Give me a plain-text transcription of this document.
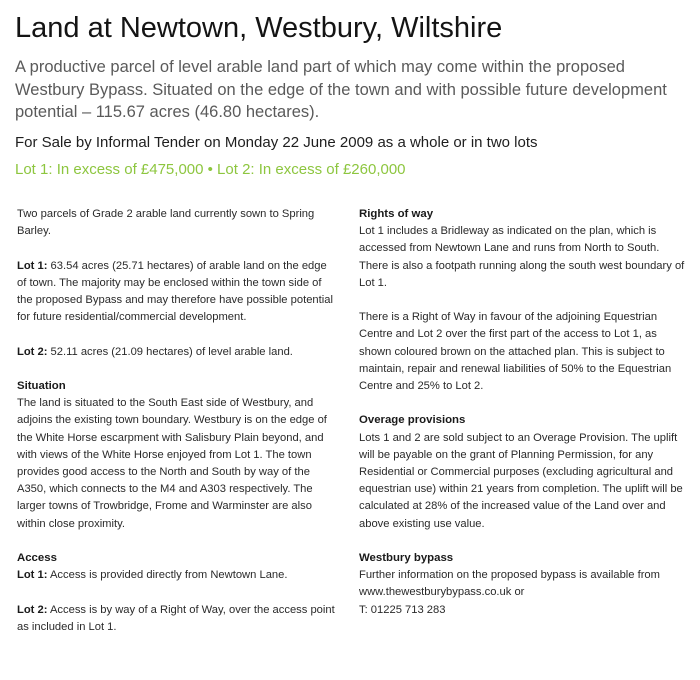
Land at Newtown, Westbury, Wiltshire

A productive parcel of level arable land part of which may come within the proposed Westbury Bypass. Situated on the edge of the town and with possible future development potential – 115.67 acres (46.80 hectares).

For Sale by Informal Tender on Monday 22 June 2009 as a whole or in two lots

Lot 1: In excess of £475,000 • Lot 2: In excess of £260,000

Two parcels of Grade 2 arable land currently sown to Spring Barley.

Lot 1: 63.54 acres (25.71 hectares) of arable land on the edge of town. The majority may be enclosed within the town side of the proposed Bypass and may therefore have possible potential for future residential/commercial development.

Lot 2: 52.11 acres (21.09 hectares) of level arable land.

Situation

The land is situated to the South East side of Westbury, and adjoins the existing town boundary. Westbury is on the edge of the White Horse escarpment with Salisbury Plain beyond, and with views of the White Horse enjoyed from Lot 1. The town provides good access to the North and South by way of the A350, which connects to the M4 and A303 respectively. The larger towns of Trowbridge, Frome and Warminster are also within close proximity.

Access

Lot 1: Access is provided directly from Newtown Lane.

Lot 2: Access is by way of a Right of Way, over the access point as included in Lot 1.

Rights of way

Lot 1 includes a Bridleway as indicated on the plan, which is accessed from Newtown Lane and runs from North to South. There is also a footpath running along the south west boundary of Lot 1.

There is a Right of Way in favour of the adjoining Equestrian Centre and Lot 2 over the first part of the access to Lot 1, as shown coloured brown on the attached plan. This is subject to maintain, repair and renewal liabilities of 50% to the Equestrian Centre and 25% to Lot 2.

Overage provisions

Lots 1 and 2 are sold subject to an Overage Provision. The uplift will be payable on the grant of Planning Permission, for any Residential or Commercial purposes (excluding agricultural and equestrian use) within 21 years from completion. The uplift will be calculated at 28% of the increased value of the Land over and above existing use value.

Westbury bypass

Further information on the proposed bypass is available from www.thewestburybypass.co.uk or

T: 01225 713 283
